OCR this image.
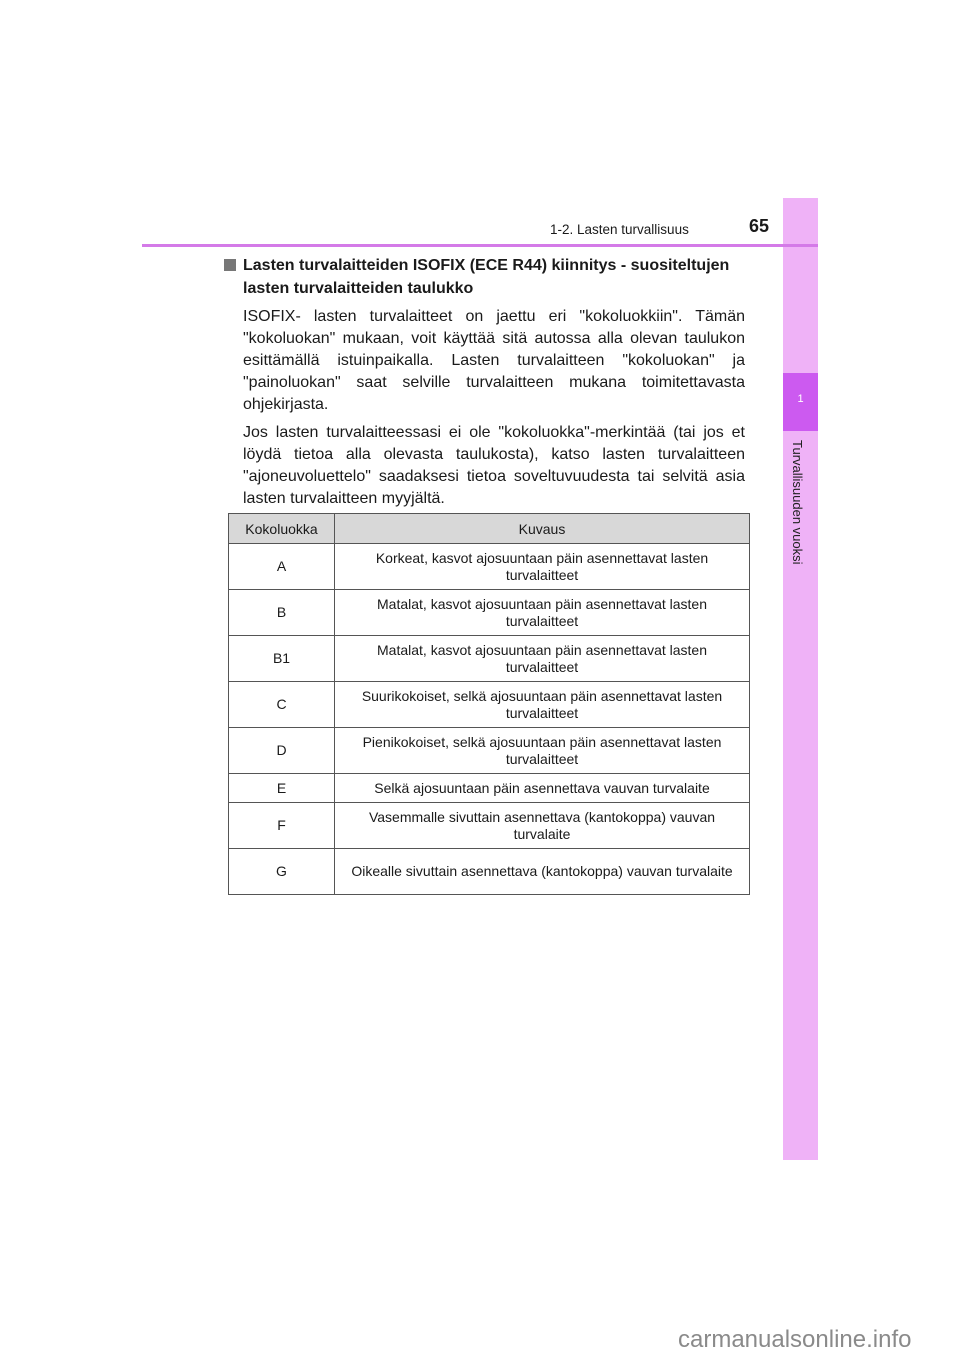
1
Turvallisuuden vuoksi
1-2. Lasten turvallisuus	65
Lasten turvalaitteiden ISOFIX (ECE R44) kiinnitys - suositeltujen lasten turvalaitteiden taulukko

ISOFIX- lasten turvalaitteet on jaettu eri "kokoluokkiin". Tämän "kokoluokan" mukaan, voit käyttää sitä autossa alla olevan taulukon esittämällä istuinpaikalla. Lasten turvalaitteen "kokoluokan" ja "painoluokan" saat selville turvalaitteen mukana toimitettavasta ohjekirjasta.

Jos lasten turvalaitteessasi ei ole "kokoluokka"-merkintää (tai jos et löydä tietoa alla olevasta taulukosta), katso lasten turvalaitteen "ajoneuvoluettelo" saadaksesi tietoa soveltuvuudesta tai selvitä asia lasten turvalaitteen myyjältä.

Kokoluokka	Kuvaus
A	Korkeat, kasvot ajosuuntaan päin asennettavat lasten turvalaitteet
B	Matalat, kasvot ajosuuntaan päin asennettavat lasten turvalaitteet
B1	Matalat, kasvot ajosuuntaan päin asennettavat lasten turvalaitteet
C	Suurikokoiset, selkä ajosuuntaan päin asennettavat lasten turvalaitteet
D	Pienikokoiset, selkä ajosuuntaan päin asennettavat lasten turvalaitteet
E	Selkä ajosuuntaan päin asennettava vauvan turvalaite
F	Vasemmalle sivuttain asennettava (kantokoppa) vauvan turvalaite
G	Oikealle sivuttain asennettava (kantokoppa) vauvan turvalaite
carmanualsonline.info
